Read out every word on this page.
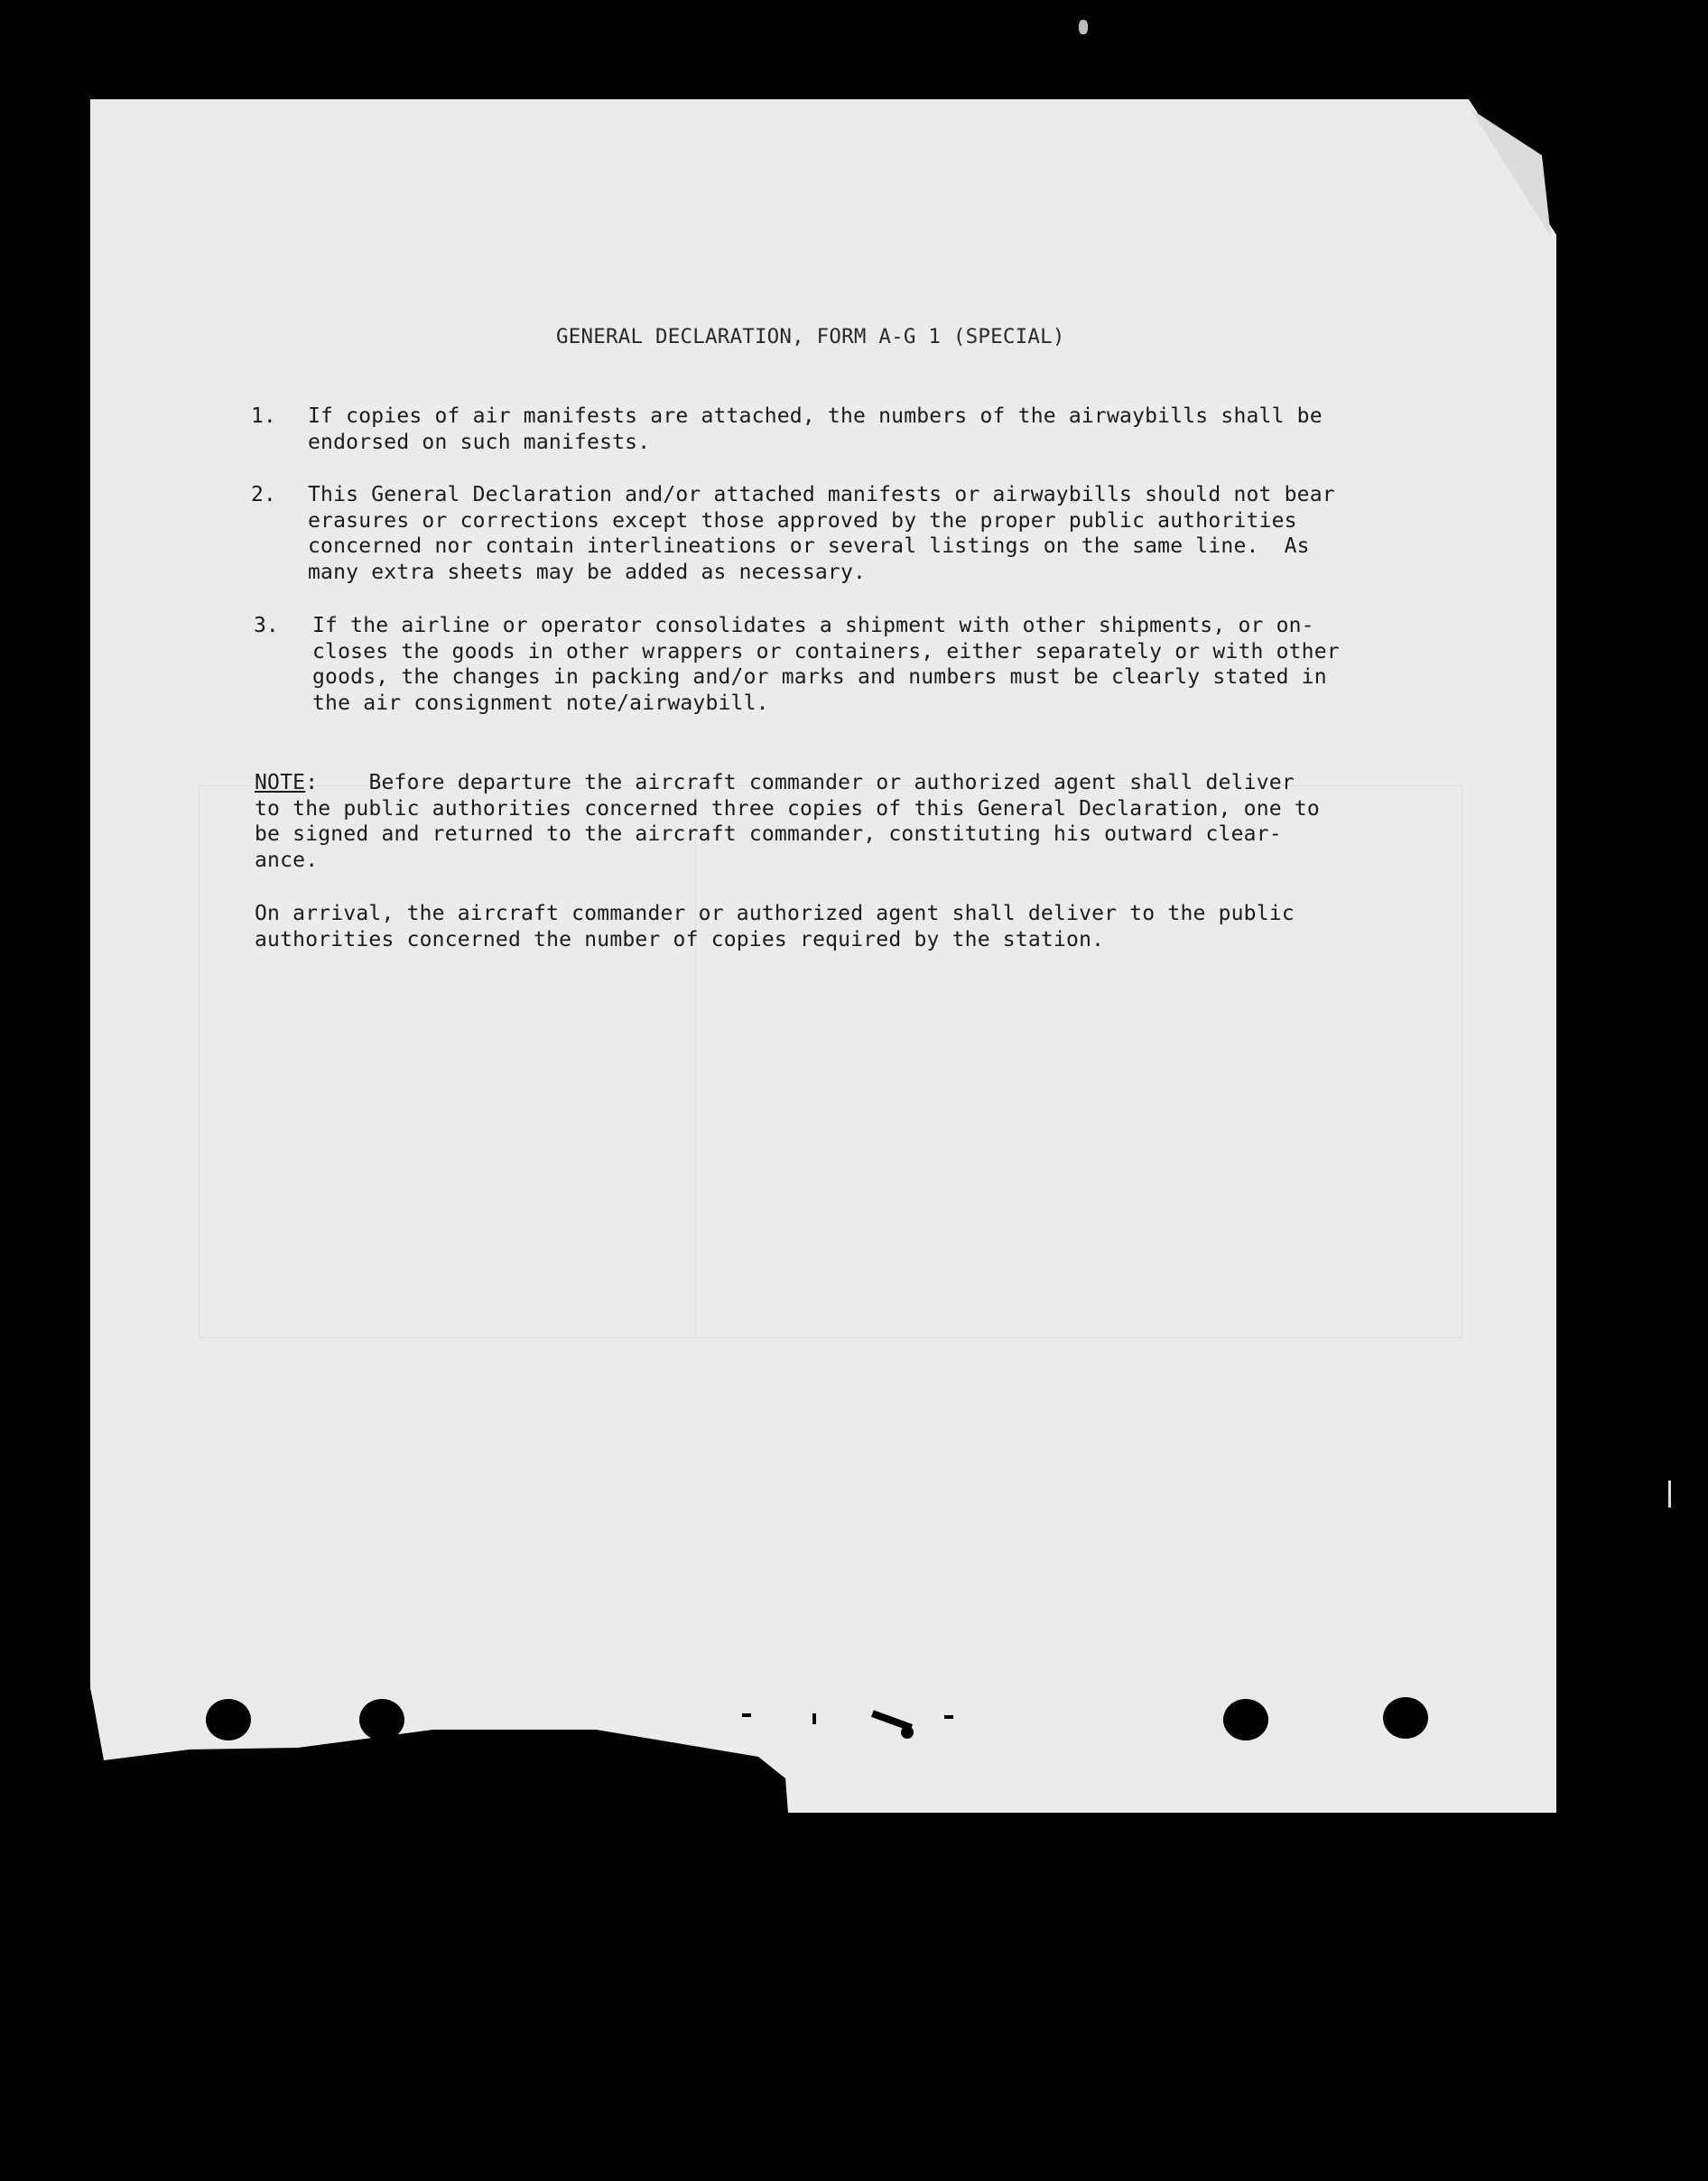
GENERAL DECLARATION, FORM A-G 1 (SPECIAL)
1. If copies of air manifests are attached, the numbers of the airwaybills shall be
endorsed on such manifests.
2. This General Declaration and/or attached manifests or airwaybills should not bear
erasures or corrections except those approved by the proper public authorities
concerned nor contain interlineations or several listings on the same line.  As
many extra sheets may be added as necessary.
3. If the airline or operator consolidates a shipment with other shipments, or on-
closes the goods in other wrappers or containers, either separately or with other
goods, the changes in packing and/or marks and numbers must be clearly stated in
the air consignment note/airwaybill.
NOTE:    Before departure the aircraft commander or authorized agent shall deliver
to the public authorities concerned three copies of this General Declaration, one to
be signed and returned to the aircraft commander, constituting his outward clear-
ance.
On arrival, the aircraft commander or authorized agent shall deliver to the public
authorities concerned the number of copies required by the station.
